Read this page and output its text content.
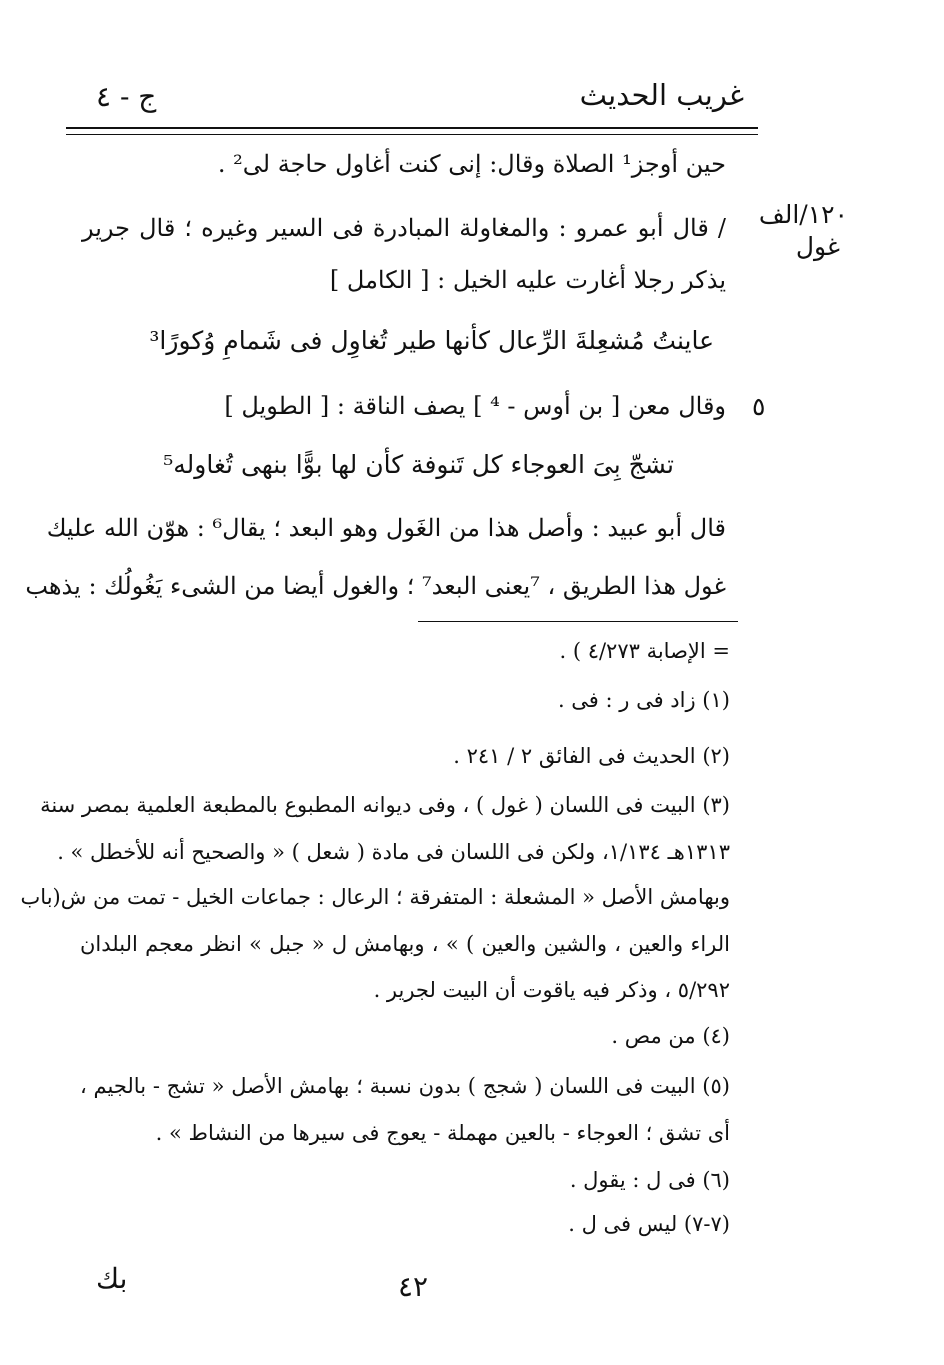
غريب الحديث
ج - ٤
١٢٠/الف
غول
٥
حين أوجز¹ الصلاة وقال: إنى كنت أغاول حاجة لى² .
/ قال أبو عمرو : والمغاولة المبادرة فى السير وغيره ؛ قال جرير
يذكر رجلا أغارت عليه الخيل : [ الكامل ]
عاينتُ مُشعِلةَ الرِّعال كأنها طير تُغاوِل فى شَمامِ وُكورًا³
وقال معن [ بن أوس - ⁴ ] يصف الناقة : [ الطويل ]
تشجّ بِىَ العوجاء كل تَنوفة كأن لها بوًّا بنهى تُغاوله⁵
قال أبو عبيد : وأصل هذا من الغَول وهو البعد ؛ يقال⁶ : هوّن الله عليك
غول هذا الطريق ، ⁷يعنى البعد⁷ ؛ والغول أيضا من الشىء يَغُولُك : يذهب
= الإصابة ٤/٢٧٣ ) .
(١) زاد فى ر : فى .
(٢) الحديث فى الفائق ٢ / ٢٤١ .
(٣) البيت فى اللسان ( غول ) ، وفى ديوانه المطبوع بالمطبعة العلمية بمصر سنة
١٣١٣هـ ١/١٣٤، ولكن فى اللسان فى مادة ( شعل ) « والصحيح أنه للأخطل » .
وبهامش الأصل « المشعلة : المتفرقة ؛ الرعال : جماعات الخيل - تمت من ش(باب
الراء والعين ، والشين والعين ) » ، وبهامش ل « جبل » انظر معجم البلدان
٥/٢٩٢ ، وذكر فيه ياقوت أن البيت لجرير .
(٤) من مص .
(٥) البيت فى اللسان ( شجج ) بدون نسبة ؛ بهامش الأصل « تشج - بالجيم ،
أى تشق ؛ العوجاء - بالعين مهملة - يعوج فى سيرها من النشاط » .
(٦) فى ل : يقول .
(٧-٧) ليس فى ل .
٤٢
بك
